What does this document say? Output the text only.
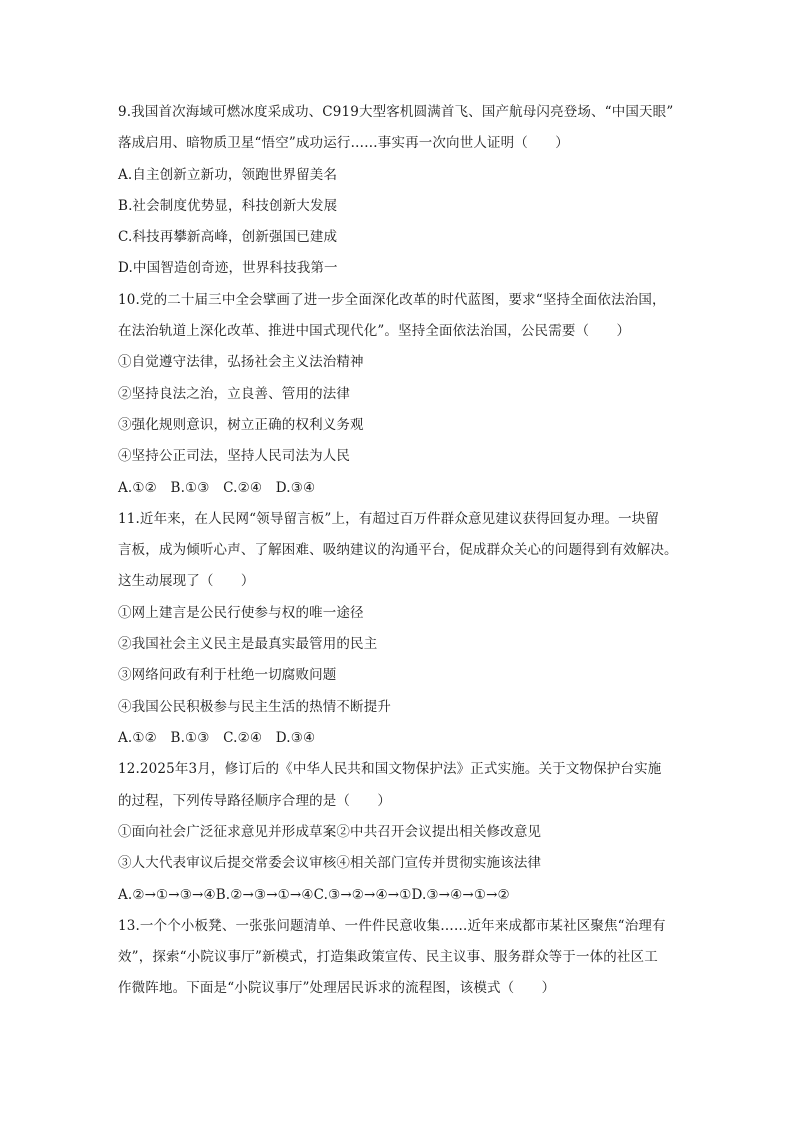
9.我国首次海域可燃冰度采成功、C919大型客机圆满首飞、国产航母闪亮登场、“中国天眼”
落成启用、暗物质卫星“悟空”成功运行……事实再一次向世人证明（　　）
A.自主创新立新功，领跑世界留美名
B.社会制度优势显，科技创新大发展
C.科技再攀新高峰，创新强国已建成
D.中国智造创奇迹，世界科技我第一
10.党的二十届三中全会擘画了进一步全面深化改革的时代蓝图，要求“坚持全面依法治国，
在法治轨道上深化改革、推进中国式现代化”。坚持全面依法治国，公民需要（　　）
①自觉遵守法律，弘扬社会主义法治精神
②坚持良法之治，立良善、管用的法律
③强化规则意识，树立正确的权利义务观
④坚持公正司法，坚持人民司法为人民
A.①②　B.①③　C.②④　D.③④
11.近年来，在人民网“领导留言板”上，有超过百万件群众意见建议获得回复办理。一块留
言板，成为倾听心声、了解困难、吸纳建议的沟通平台，促成群众关心的问题得到有效解决。
这生动展现了（　　）
①网上建言是公民行使参与权的唯一途径
②我国社会主义民主是最真实最管用的民主
③网络问政有利于杜绝一切腐败问题
④我国公民积极参与民主生活的热情不断提升
A.①②　B.①③　C.②④　D.③④
12.2025年3月，修订后的《中华人民共和国文物保护法》正式实施。关于文物保护台实施
的过程，下列传导路径顺序合理的是（　　）
①面向社会广泛征求意见并形成草案②中共召开会议提出相关修改意见
③人大代表审议后提交常委会议审核④相关部门宣传并贯彻实施该法律
A.②→①→③→④B.②→③→①→④C.③→②→④→①D.③→④→①→②
13.一个个小板凳、一张张问题清单、一件件民意收集……近年来成都市某社区聚焦“治理有
效”，探索“小院议事厅”新模式，打造集政策宣传、民主议事、服务群众等于一体的社区工
作微阵地。下面是“小院议事厅”处理居民诉求的流程图，该模式（　　）
